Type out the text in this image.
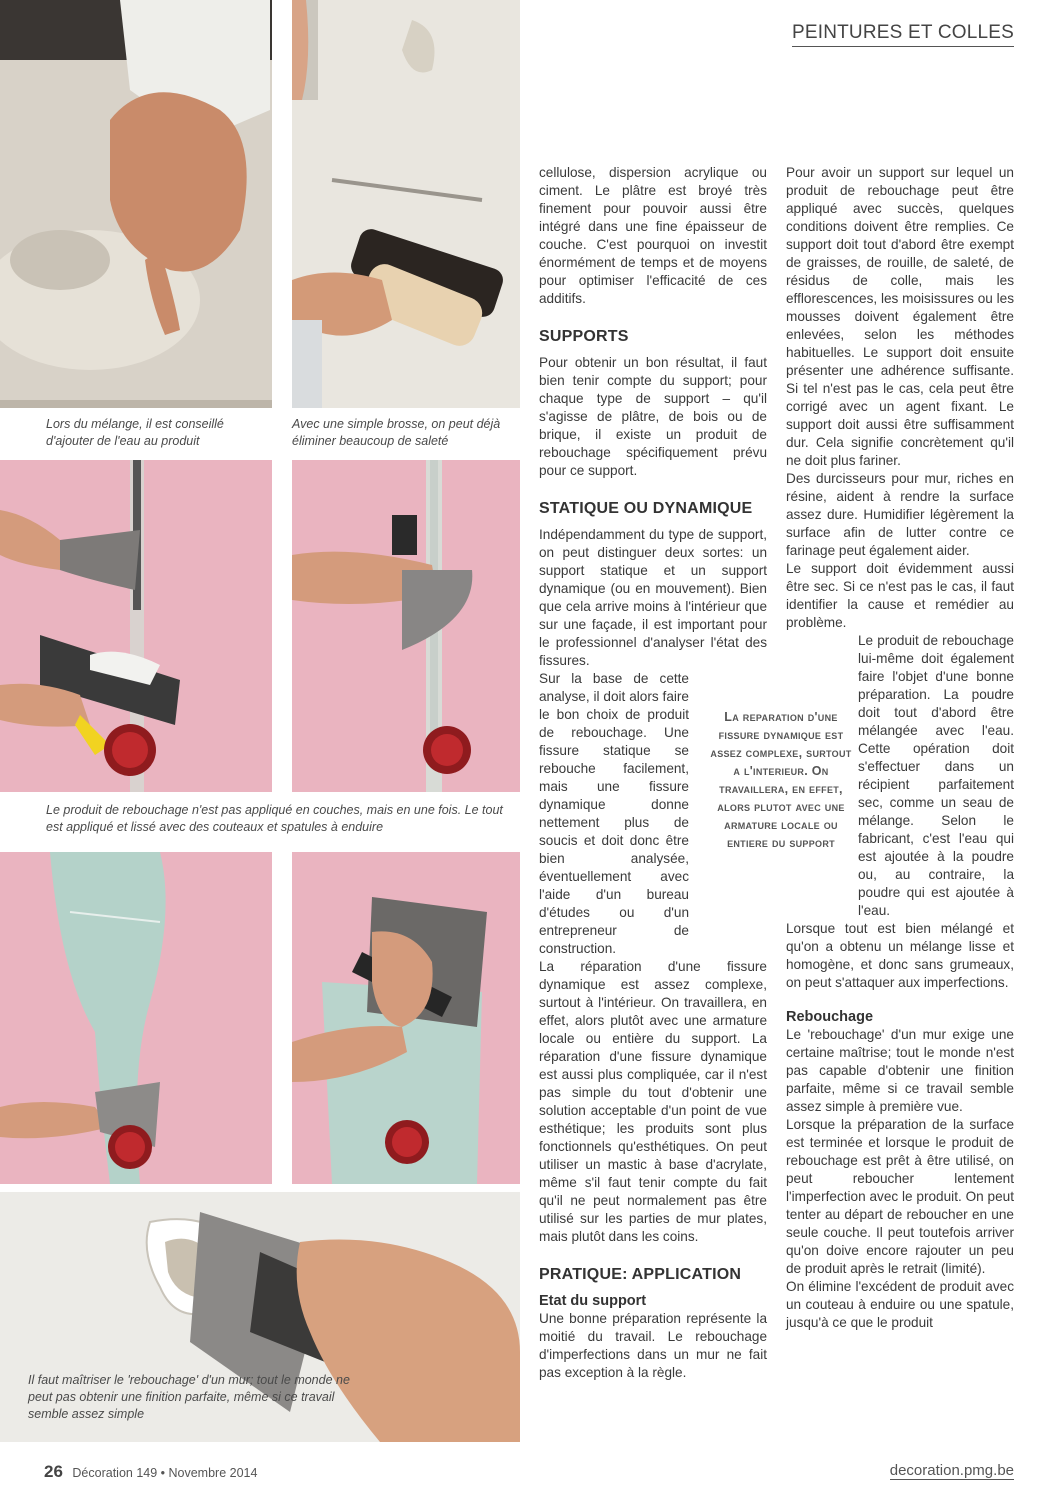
PEINTURES ET COLLES
Lors du mélange, il est conseillé d'ajouter de l'eau au produit
Avec une simple brosse, on peut déjà éliminer beaucoup de saleté
Le produit de rebouchage n'est pas appliqué en couches, mais en une fois. Le tout est appliqué et lissé avec des couteaux et spatules à enduire
Il faut maîtriser le 'rebouchage' d'un mur; tout le monde ne peut pas obtenir une finition parfaite, même si ce travail semble assez simple

cellulose, dispersion acrylique ou ciment. Le plâtre est broyé très finement pour pouvoir aussi être intégré dans une fine épaisseur de couche. C'est pourquoi on investit énormément de temps et de moyens pour optimiser l'efficacité de ces additifs.

SUPPORTS

Pour obtenir un bon résultat, il faut bien tenir compte du support; pour chaque type de support – qu'il s'agisse de plâtre, de bois ou de brique, il existe un produit de rebouchage spécifiquement prévu pour ce support.

STATIQUE OU DYNAMIQUE

Indépendamment du type de support, on peut distinguer deux sortes: un support statique et un support dynamique (ou en mouvement). Bien que cela arrive moins à l'intérieur que sur une façade, il est important pour le professionnel d'analyser l'état des fissures.

Sur la base de cette analyse, il doit alors faire le bon choix de produit de rebouchage. Une fissure statique se rebouche facilement, mais une fissure dynamique donne nettement plus de soucis et doit donc être bien analysée, éventuellement avec l'aide d'un bureau d'études ou d'un entrepreneur de construction.

La réparation d'une fissure dynamique est assez complexe, surtout à l'intérieur. On travaillera, en effet, alors plutôt avec une armature locale ou entière du support. La réparation d'une fissure dynamique est aussi plus compliquée, car il n'est pas simple du tout d'obtenir une solution acceptable d'un point de vue esthétique; les produits sont plus fonctionnels qu'esthétiques. On peut utiliser un mastic à base d'acrylate, même s'il faut tenir compte du fait qu'il ne peut normalement pas être utilisé sur les parties de mur plates, mais plutôt dans les coins.

PRATIQUE: APPLICATION
Etat du support

Une bonne préparation représente la moitié du travail. Le rebouchage d'imperfections dans un mur ne fait pas exception à la règle.

La reparation d'une fissure dynamique est assez complexe, surtout a l'interieur. On travaillera, en effet, alors plutot avec une armature locale ou entiere du support

Pour avoir un support sur lequel un produit de rebouchage peut être appliqué avec succès, quelques conditions doivent être remplies. Ce support doit tout d'abord être exempt de graisses, de rouille, de saleté, de résidus de colle, mais les efflorescences, les moisissures ou les mousses doivent également être enlevées, selon les méthodes habituelles. Le support doit ensuite présenter une adhérence suffisante. Si tel n'est pas le cas, cela peut être corrigé avec un agent fixant. Le support doit aussi être suffisamment dur. Cela signifie concrètement qu'il ne doit plus fariner.

Des durcisseurs pour mur, riches en résine, aident à rendre la surface assez dure. Humidifier légèrement la surface afin de lutter contre ce farinage peut également aider.

Le support doit évidemment aussi être sec. Si ce n'est pas le cas, il faut identifier la cause et remédier au problème.

Le produit de rebouchage lui-même doit également faire l'objet d'une bonne préparation. La poudre doit tout d'abord être mélangée avec l'eau. Cette opération doit s'effectuer dans un récipient parfaitement sec, comme un seau de mélange. Selon le fabricant, c'est l'eau qui est ajoutée à la poudre ou, au contraire, la poudre qui est ajoutée à l'eau.

Lorsque tout est bien mélangé et qu'on a obtenu un mélange lisse et homogène, et donc sans grumeaux, on peut s'attaquer aux imperfections.

Rebouchage

Le 'rebouchage' d'un mur exige une certaine maîtrise; tout le monde n'est pas capable d'obtenir une finition parfaite, même si ce travail semble assez simple à première vue.

Lorsque la préparation de la surface est terminée et lorsque le produit de rebouchage est prêt à être utilisé, on peut reboucher lentement l'imperfection avec le produit. On peut tenter au départ de reboucher en une seule couche. Il peut toutefois arriver qu'on doive encore rajouter un peu de produit après le retrait (limité).

On élimine l'excédent de produit avec un couteau à enduire ou une spatule, jusqu'à ce que le produit

26 Décoration 149 • Novembre 2014	decoration.pmg.be
